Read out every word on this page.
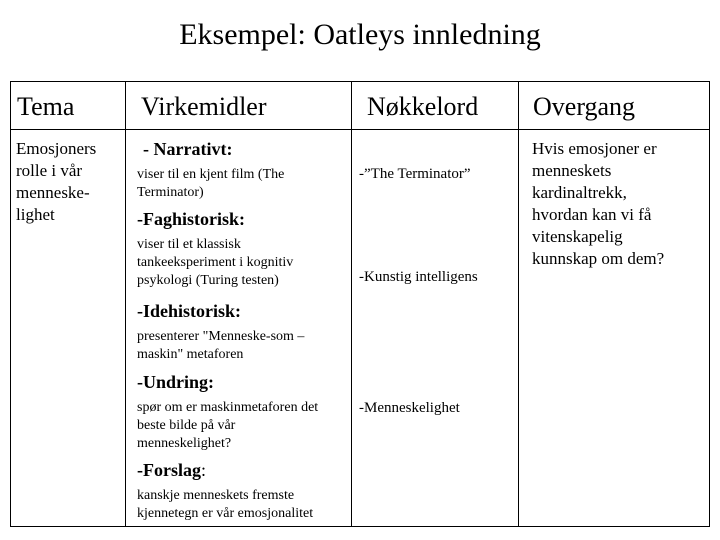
Eksempel: Oatleys innledning
Tema	Virkemidler	Nøkkelord Overgang
Emosjoners
rolle i vår
menneske-
lighet
- Narrativt:
viser til en kjent film (The
Terminator)
-Faghistorisk:
viser til et klassisk
tankeeksperiment i kognitiv
psykologi (Turing testen)
-Idehistorisk:
presenterer "Menneske-som –
maskin" metaforen
-Undring:
spør om er maskinmetaforen det
beste bilde på vår
menneskelighet?
-Forslag:
kanskje menneskets fremste
kjennetegn er vår emosjonalitet
-”The Terminator”
-Kunstig intelligens
-Menneskelighet
Hvis emosjoner er
menneskets
kardinaltrekk,
hvordan kan vi få
vitenskapelig
kunnskap om dem?
